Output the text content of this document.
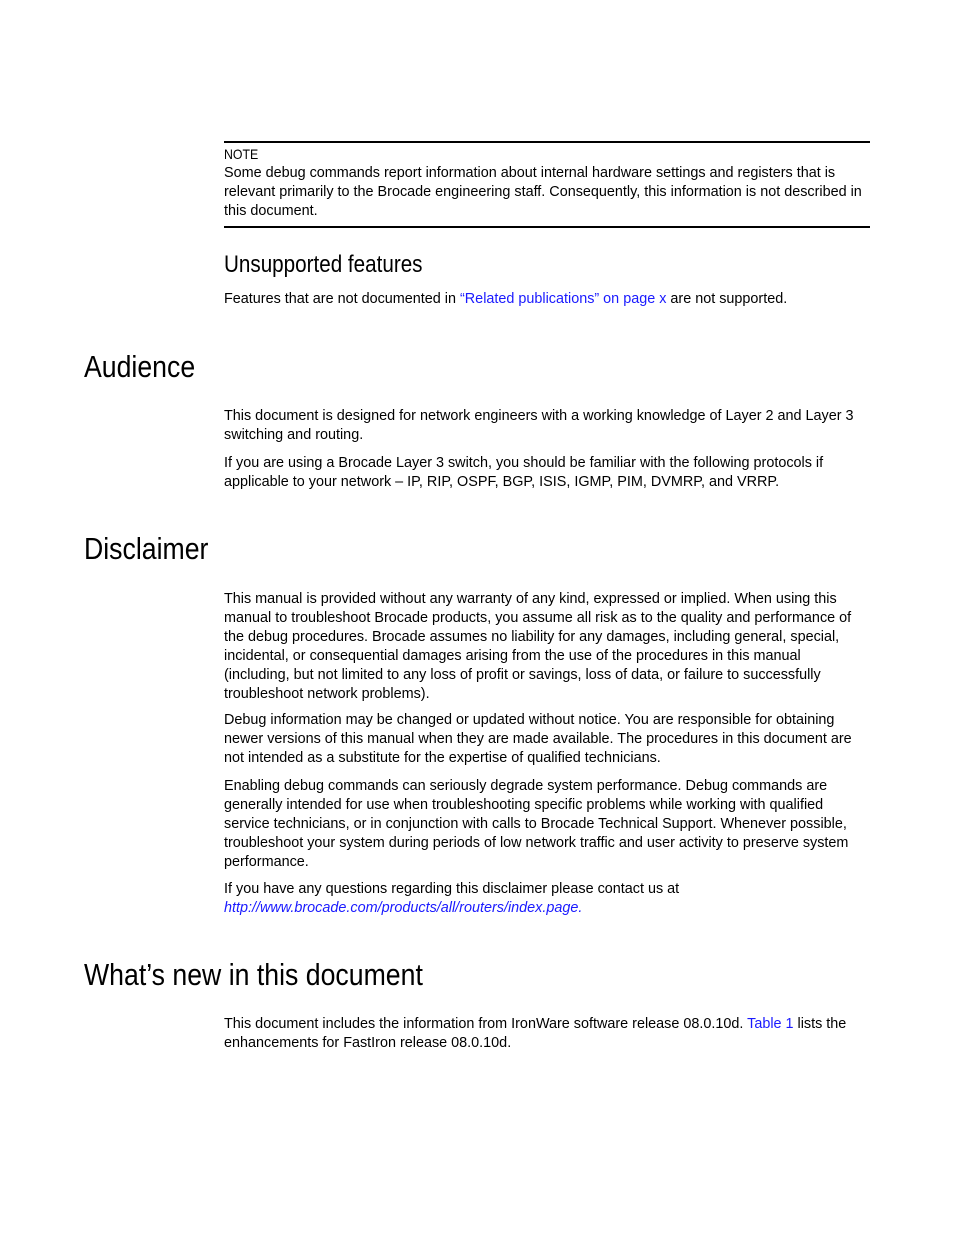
NOTE

Some debug commands report information about internal hardware settings and registers that is relevant primarily to the Brocade engineering staff. Consequently, this information is not described in this document.

Unsupported features

Features that are not documented in “Related publications” on page x are not supported.

Audience

This document is designed for network engineers with a working knowledge of Layer 2 and Layer 3 switching and routing.

If you are using a Brocade Layer 3 switch, you should be familiar with the following protocols if applicable to your network – IP, RIP, OSPF, BGP, ISIS, IGMP, PIM, DVMRP, and VRRP.

Disclaimer

This manual is provided without any warranty of any kind, expressed or implied. When using this manual to troubleshoot Brocade products, you assume all risk as to the quality and performance of the debug procedures. Brocade assumes no liability for any damages, including general, special, incidental, or consequential damages arising from the use of the procedures in this manual (including, but not limited to any loss of profit or savings, loss of data, or failure to successfully troubleshoot network problems).

Debug information may be changed or updated without notice. You are responsible for obtaining newer versions of this manual when they are made available. The procedures in this document are not intended as a substitute for the expertise of qualified technicians.

Enabling debug commands can seriously degrade system performance. Debug commands are generally intended for use when troubleshooting specific problems while working with qualified service technicians, or in conjunction with calls to Brocade Technical Support. Whenever possible, troubleshoot your system during periods of low network traffic and user activity to preserve system performance.

If you have any questions regarding this disclaimer please contact us at
http://www.brocade.com/products/all/routers/index.page.

What’s new in this document

This document includes the information from IronWare software release 08.0.10d. Table 1 lists the enhancements for FastIron release 08.0.10d.
